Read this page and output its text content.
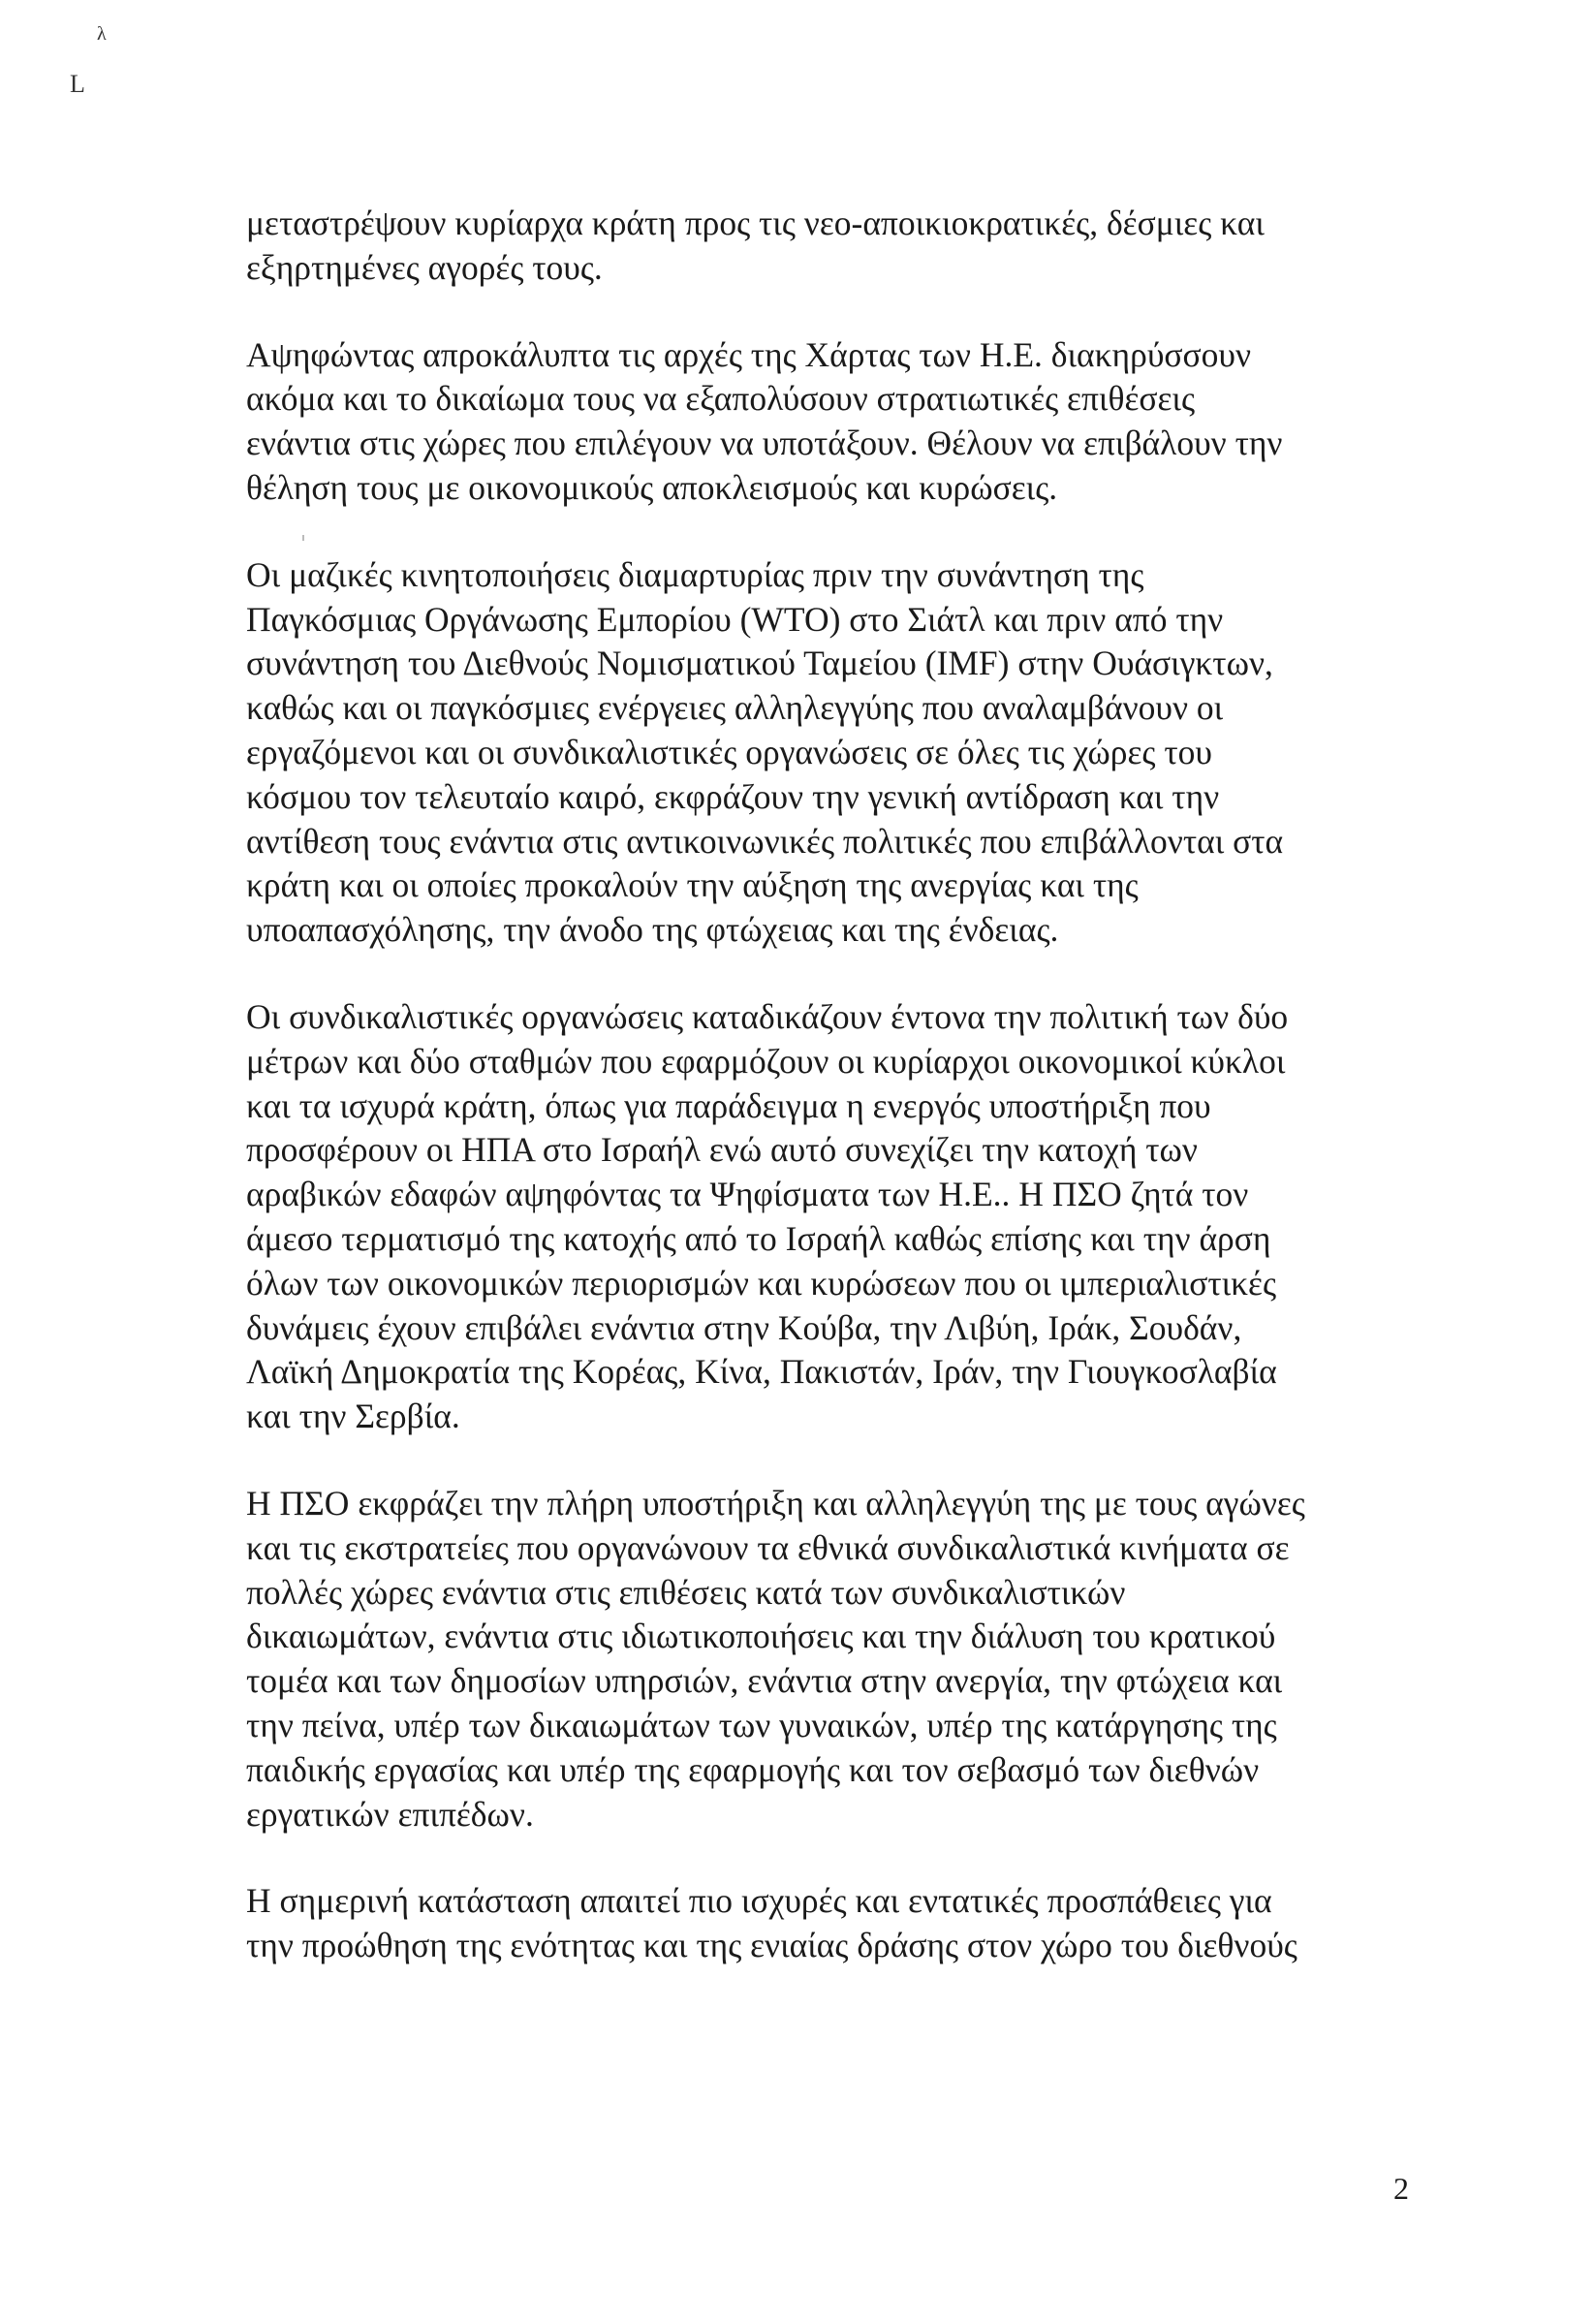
λ
L
μεταστρέψουν κυρίαρχα κράτη προς τις νεο-αποικιοκρατικές, δέσμιες και
εξηρτημένες αγορές τους.
Αψηφώντας απροκάλυπτα τις αρχές της Χάρτας των Η.Ε. διακηρύσσουν
ακόμα και το δικαίωμα τους να εξαπολύσουν στρατιωτικές επιθέσεις
ενάντια στις χώρες που επιλέγουν να υποτάξουν. Θέλουν να επιβάλουν την
θέληση τους με οικονομικούς αποκλεισμούς και κυρώσεις.
Οι μαζικές κινητοποιήσεις διαμαρτυρίας πριν την συνάντηση της
Παγκόσμιας Οργάνωσης Εμπορίου (WTO) στο Σιάτλ και πριν από την
συνάντηση του Διεθνούς Νομισματικού Ταμείου (IMF) στην Ουάσιγκτων,
καθώς και οι παγκόσμιες ενέργειες αλληλεγγύης που αναλαμβάνουν οι
εργαζόμενοι και οι συνδικαλιστικές οργανώσεις σε όλες τις χώρες του
κόσμου τον τελευταίο καιρό, εκφράζουν την γενική αντίδραση και την
αντίθεση τους ενάντια στις αντικοινωνικές πολιτικές που επιβάλλονται στα
κράτη και οι οποίες προκαλούν την αύξηση της ανεργίας και της
υποαπασχόλησης, την άνοδο της φτώχειας και της ένδειας.
Οι συνδικαλιστικές οργανώσεις καταδικάζουν έντονα την πολιτική των δύο
μέτρων και δύο σταθμών που εφαρμόζουν οι κυρίαρχοι οικονομικοί κύκλοι
και τα ισχυρά κράτη, όπως για παράδειγμα η ενεργός υποστήριξη που
προσφέρουν οι ΗΠΑ στο Ισραήλ ενώ αυτό συνεχίζει την κατοχή των
αραβικών εδαφών αψηφόντας τα Ψηφίσματα των Η.Ε.. Η ΠΣΟ ζητά τον
άμεσο τερματισμό της κατοχής από το Ισραήλ καθώς επίσης και την άρση
όλων των οικονομικών περιορισμών και κυρώσεων που οι ιμπεριαλιστικές
δυνάμεις έχουν επιβάλει ενάντια στην Κούβα, την Λιβύη, Ιράκ, Σουδάν,
Λαϊκή Δημοκρατία της Κορέας, Κίνα, Πακιστάν, Ιράν, την Γιουγκοσλαβία
και την Σερβία.
Η ΠΣΟ εκφράζει την πλήρη υποστήριξη και αλληλεγγύη της με τους αγώνες
και τις εκστρατείες που οργανώνουν τα εθνικά συνδικαλιστικά κινήματα σε
πολλές χώρες ενάντια στις επιθέσεις κατά των συνδικαλιστικών
δικαιωμάτων, ενάντια στις ιδιωτικοποιήσεις και την διάλυση του κρατικού
τομέα και των δημοσίων υπηρσιών, ενάντια στην ανεργία, την φτώχεια και
την πείνα, υπέρ των δικαιωμάτων των γυναικών, υπέρ της κατάργησης της
παιδικής εργασίας και υπέρ της εφαρμογής και τον σεβασμό των διεθνών
εργατικών επιπέδων.
Η σημερινή κατάσταση απαιτεί πιο ισχυρές και εντατικές προσπάθειες για
την προώθηση της ενότητας και της ενιαίας δράσης στον χώρο του διεθνούς
2
